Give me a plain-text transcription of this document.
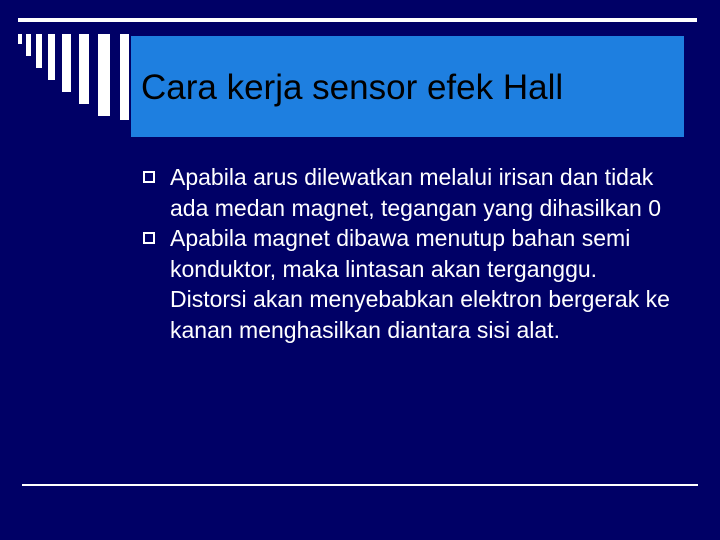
Cara kerja sensor efek Hall
Apabila arus dilewatkan melalui irisan dan tidak ada medan magnet, tegangan yang dihasilkan 0
Apabila magnet dibawa menutup bahan semi konduktor, maka lintasan akan terganggu. Distorsi akan menyebabkan elektron bergerak ke kanan menghasilkan diantara sisi alat.
